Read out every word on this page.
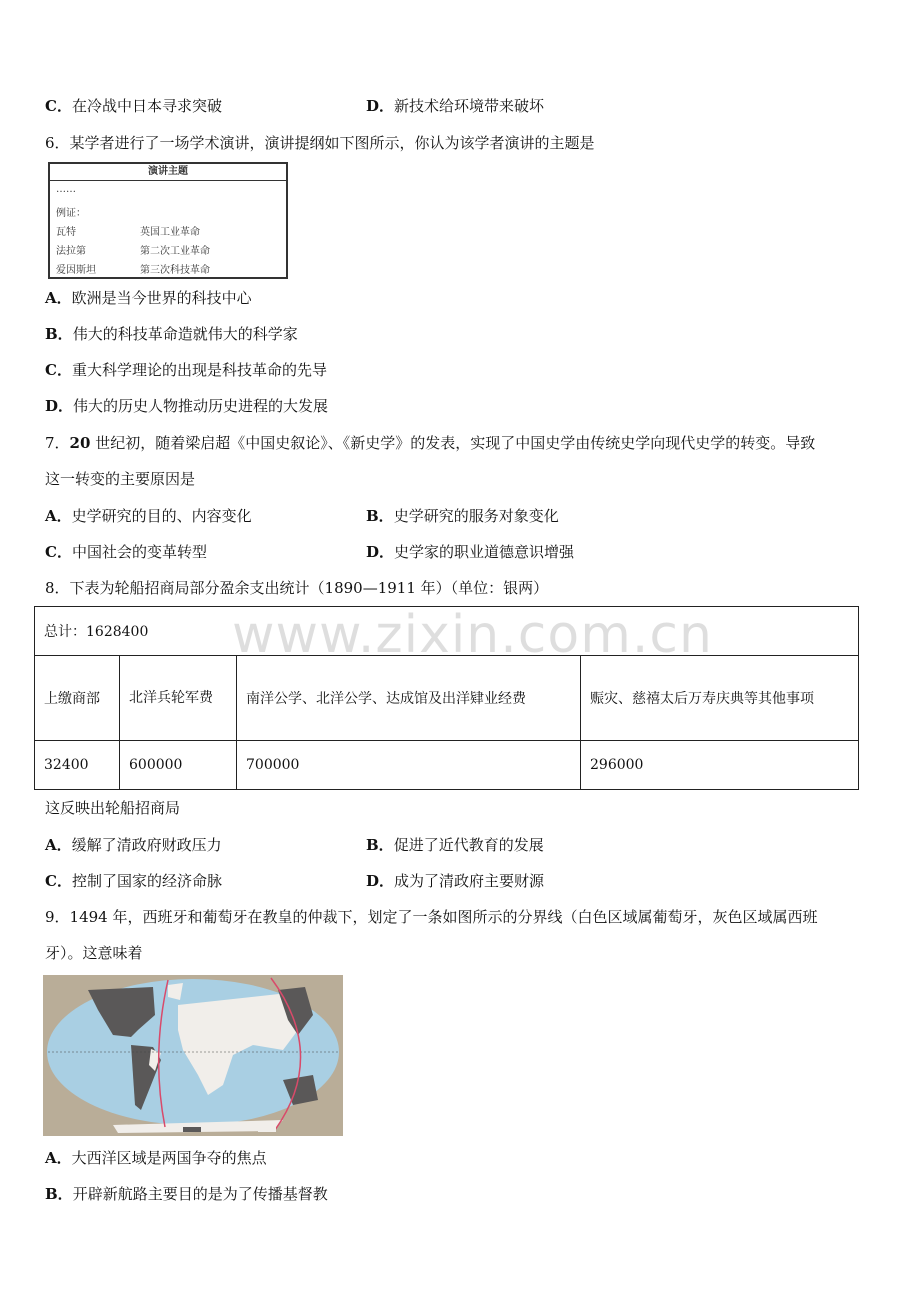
www.zixin.com.cn
C．在冷战中日本寻求突破	D．新技术给环境带来破坏
6．某学者进行了一场学术演讲，演讲提纲如下图所示，你认为该学者演讲的主题是
演讲主题
……
例证：
瓦特	英国工业革命
法拉第	第二次工业革命
爱因斯坦	第三次科技革命
A．欧洲是当今世界的科技中心
B．伟大的科技革命造就伟大的科学家
C．重大科学理论的出现是科技革命的先导
D．伟大的历史人物推动历史进程的大发展
7．20 世纪初，随着梁启超《中国史叙论》、《新史学》的发表，实现了中国史学由传统史学向现代史学的转变。导致
这一转变的主要原因是
A．史学研究的目的、内容变化	B．史学研究的服务对象变化
C．中国社会的变革转型	D．史学家的职业道德意识增强
8．下表为轮船招商局部分盈余支出统计（1890—1911 年）（单位：银两）
总计：1628400			
上缴商部	北洋兵轮军费	南洋公学、北洋公学、达成馆及出洋肄业经费	赈灾、慈禧太后万寿庆典等其他事项
32400	600000	700000	296000
这反映出轮船招商局
A．缓解了清政府财政压力	B．促进了近代教育的发展
C．控制了国家的经济命脉	D．成为了清政府主要财源
9．1494 年，西班牙和葡萄牙在教皇的仲裁下，划定了一条如图所示的分界线（白色区域属葡萄牙，灰色区域属西班
牙）。这意味着
A．大西洋区域是两国争夺的焦点
B．开辟新航路主要目的是为了传播基督教
